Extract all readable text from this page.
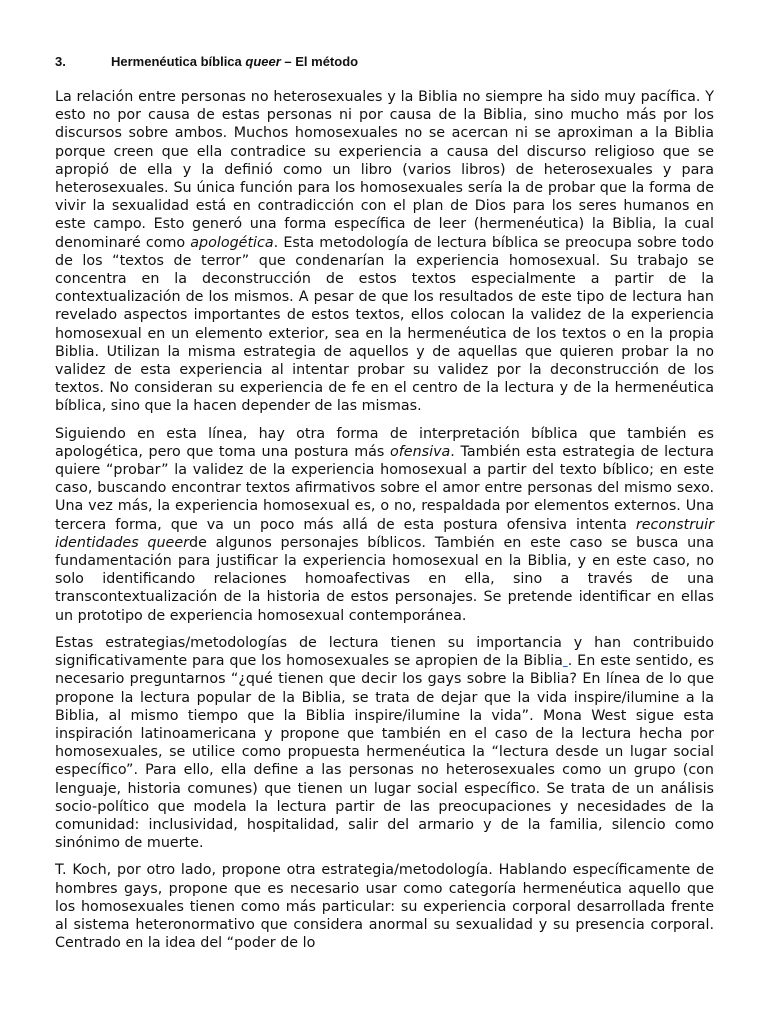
3.	Hermenéutica bíblica queer – El método

La relación entre personas no heterosexuales y la Biblia no siempre ha sido muy pacífica. Y esto no por causa de estas personas ni por causa de la Biblia, sino mucho más por los discursos sobre ambos. Muchos homosexuales no se acercan ni se aproximan a la Biblia porque creen que ella contradice su experiencia a causa del discurso religioso que se apropió de ella y la definió como un libro (varios libros) de heterosexuales y para heterosexuales. Su única función para los homosexuales sería la de probar que la forma de vivir la sexualidad está en contradicción con el plan de Dios para los seres humanos en este campo. Esto generó una forma específica de leer (hermenéutica) la Biblia, la cual denominaré como apologética. Esta metodología de lectura bíblica se preocupa sobre todo de los “textos de terror” que condenarían la experiencia homosexual. Su trabajo se concentra en la deconstrucción de estos textos especialmente a partir de la contextualización de los mismos. A pesar de que los resultados de este tipo de lectura han revelado aspectos importantes de estos textos, ellos colocan la validez de la experiencia homosexual en un elemento exterior, sea en la hermenéutica de los textos o en la propia Biblia. Utilizan la misma estrategia de aquellos y de aquellas que quieren probar la no validez de esta experiencia al intentar probar su validez por la deconstrucción de los textos. No consideran su experiencia de fe en el centro de la lectura y de la hermenéutica bíblica, sino que la hacen depender de las mismas.

Siguiendo en esta línea, hay otra forma de interpretación bíblica que también es apologética, pero que toma una postura más ofensiva. También esta estrategia de lectura quiere “probar” la validez de la experiencia homosexual a partir del texto bíblico; en este caso, buscando encontrar textos afirmativos sobre el amor entre personas del mismo sexo. Una vez más, la experiencia homosexual es, o no, respaldada por elementos externos. Una tercera forma, que va un poco más allá de esta postura ofensiva intenta reconstruir identidades queerde algunos personajes bíblicos. También en este caso se busca una fundamentación para justificar la experiencia homosexual en la Biblia, y en este caso, no solo identificando relaciones homoafectivas en ella, sino a través de una transcontextualización de la historia de estos personajes. Se pretende identificar en ellas un prototipo de experiencia homosexual contemporánea.

Estas estrategias/metodologías de lectura tienen su importancia y han contribuido significativamente para que los homosexuales se apropien de la Biblia . En este sentido, es necesario preguntarnos “¿qué tienen que decir los gays sobre la Biblia? En línea de lo que propone la lectura popular de la Biblia, se trata de dejar que la vida inspire/ilumine a la Biblia, al mismo tiempo que la Biblia inspire/ilumine la vida”. Mona West sigue esta inspiración latinoamericana y propone que también en el caso de la lectura hecha por homosexuales, se utilice como propuesta hermenéutica la “lectura desde un lugar social específico”. Para ello, ella define a las personas no heterosexuales como un grupo (con lenguaje, historia comunes) que tienen un lugar social específico. Se trata de un análisis socio-político que modela la lectura partir de las preocupaciones y necesidades de la comunidad: inclusividad, hospitalidad, salir del armario y de la familia, silencio como sinónimo de muerte.

T. Koch, por otro lado, propone otra estrategia/metodología. Hablando específicamente de hombres gays, propone que es necesario usar como categoría hermenéutica aquello que los homosexuales tienen como más particular: su experiencia corporal desarrollada frente al sistema heteronormativo que considera anormal su sexualidad y su presencia corporal. Centrado en la idea del “poder de lo
